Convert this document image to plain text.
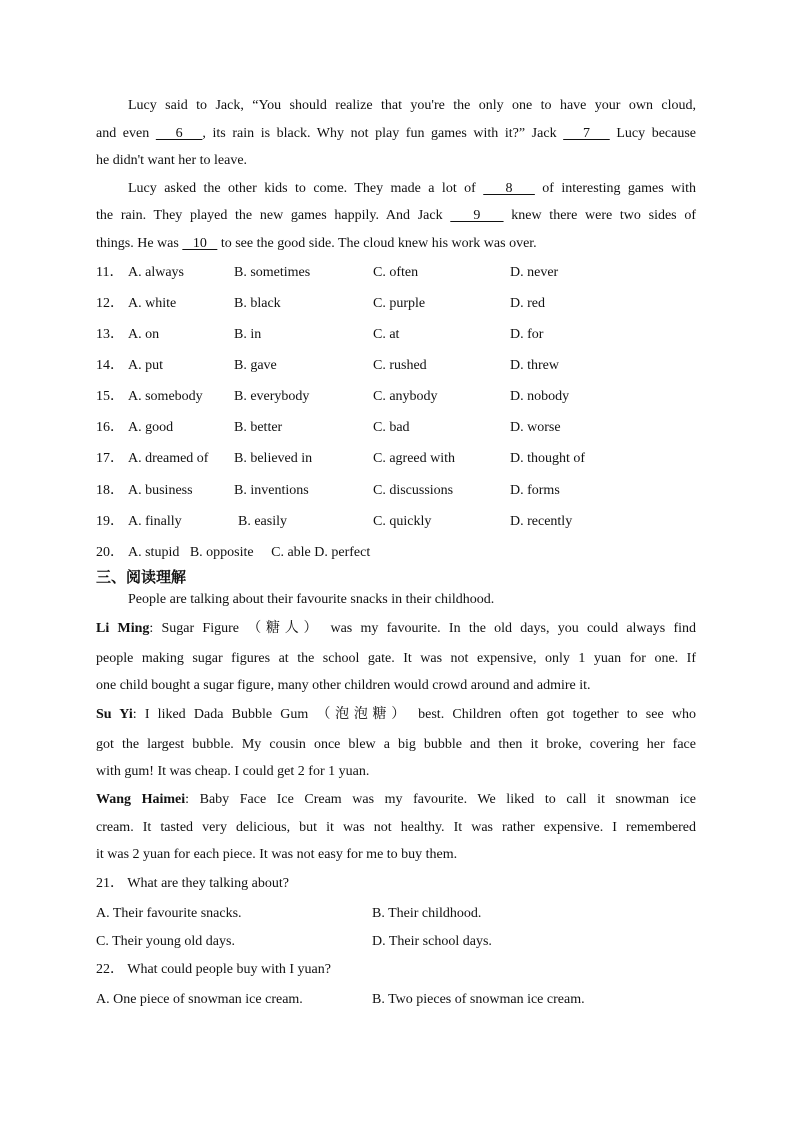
Lucy said to Jack, “You should realize that you're the only one to have your own cloud,
and even    6   , its rain is black. Why not play fun games with it?” Jack    7    Lucy because
he didn't want her to leave.
Lucy asked the other kids to come. They made a lot of    8    of interesting games with
the rain. They played the new games happily. And Jack    9    knew there were two sides of
things. He was    10    to see the good side. The cloud knew his work was over.
11． A. always	B. sometimes	C. often	D. never
12． A. white	B. black	C. purple	D. red
13． A. on	B. in	C. at	D. for
14． A. put	B. gave	C. rushed	D. threw
15． A. somebody B. everybody	C. anybody	D. nobody
16． A. good	B. better	C. bad	D. worse
17． A. dreamed of B. believed in	C. agreed with	D. thought of
18． A. business	B. inventions	C. discussions	D. forms
19． A. finally	B. easily	C. quickly	D. recently
20． A. stupid   B. opposite     C. able D. perfect
三、阅读理解
People are talking about their favourite snacks in their childhood.
Li Ming: Sugar Figure （糖人） was my favourite. In the old days, you could always find
people making sugar figures at the school gate. It was not expensive, only 1 yuan for one. If
one child bought a sugar figure, many other children would crowd around and admire it.
Su Yi: I liked Dada Bubble Gum （泡泡糖） best. Children often got together to see who
got the largest bubble. My cousin once blew a big bubble and then it broke, covering her face
with gum! It was cheap. I could get 2 for 1 yuan.
Wang Haimei: Baby Face Ice Cream was my favourite. We liked to call it snowman ice
cream. It tasted very delicious, but it was not healthy. It was rather expensive. I remembered
it was 2 yuan for each piece. It was not easy for me to buy them.
21． What are they talking about?
A. Their favourite snacks.	B. Their childhood.
C. Their young old days.	D. Their school days.
22． What could people buy with I yuan?
A. One piece of snowman ice cream.	B. Two pieces of snowman ice cream.
